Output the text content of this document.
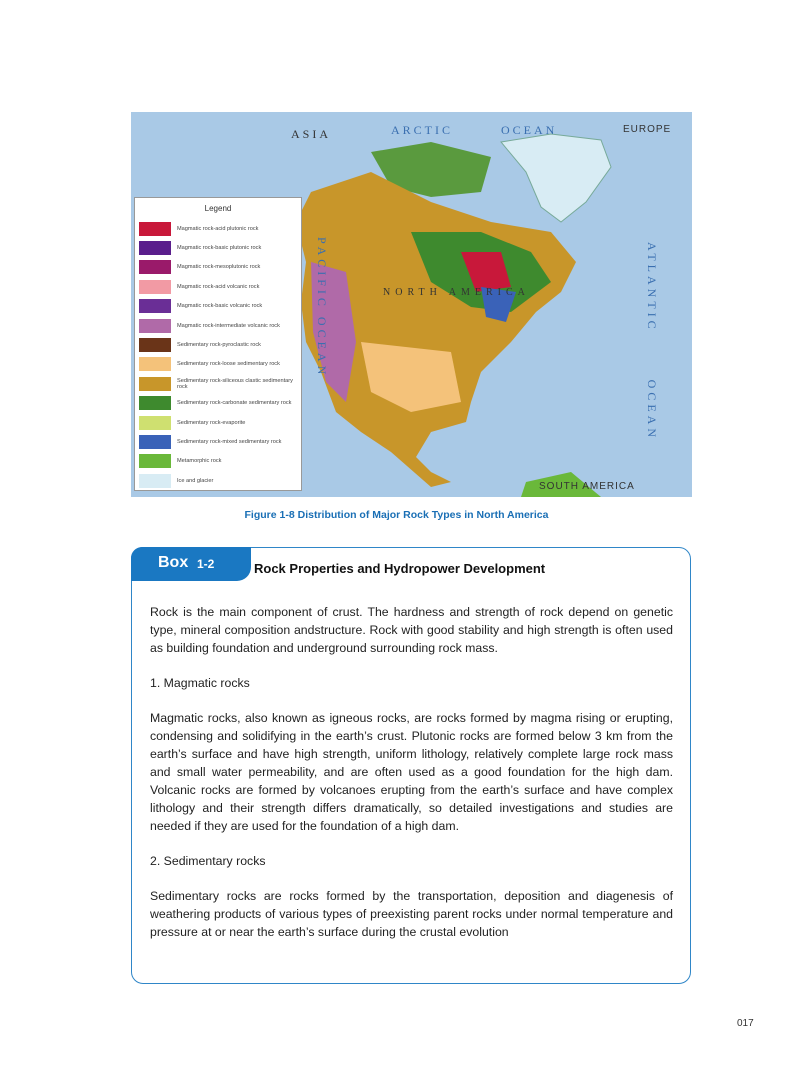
ASIA	ARCTIC	OCEAN	EUROPE
PACIFIC OCEAN	ATLANTIC OCEAN
NORTH AMERICA
SOUTH AMERICA
Legend
Magmatic rock-acid plutonic rock
Magmatic rock-basic plutonic rock
Magmatic rock-mesoplutonic rock
Magmatic rock-acid volcanic rock
Magmatic rock-basic volcanic rock
Magmatic rock-intermediate volcanic rock
Sedimentary rock-pyroclastic rock
Sedimentary rock-loose sedimentary rock
Sedimentary rock-siliceous clastic sedimentary rock
Sedimentary rock-carbonate sedimentary rock
Sedimentary rock-evaporite
Sedimentary rock-mixed sedimentary rock
Metamorphic rock
Ice and glacier
Figure 1-8 Distribution of Major Rock Types in North America
Box 1-2	Rock Properties and Hydropower Development

Rock is the main component of crust. The hardness and strength of rock depend on genetic type, mineral composition andstructure. Rock with good stability and high strength is often used as building foundation and underground surrounding rock mass.

1. Magmatic rocks

Magmatic rocks, also known as igneous rocks, are rocks formed by magma rising or erupting, condensing and solidifying in the earth’s crust. Plutonic rocks are formed below 3 km from the earth’s surface and have high strength, uniform lithology, relatively complete large rock mass and small water permeability, and are often used as a good foundation for the high dam. Volcanic rocks are formed by volcanoes erupting from the earth’s surface and have complex lithology and their strength differs dramatically, so detailed investigations and studies are needed if they are used for the foundation of a high dam.

2. Sedimentary rocks

Sedimentary rocks are rocks formed by the transportation, deposition and diagenesis of weathering products of various types of preexisting parent rocks under normal temperature and pressure at or near the earth’s surface during the crustal evolution

017
